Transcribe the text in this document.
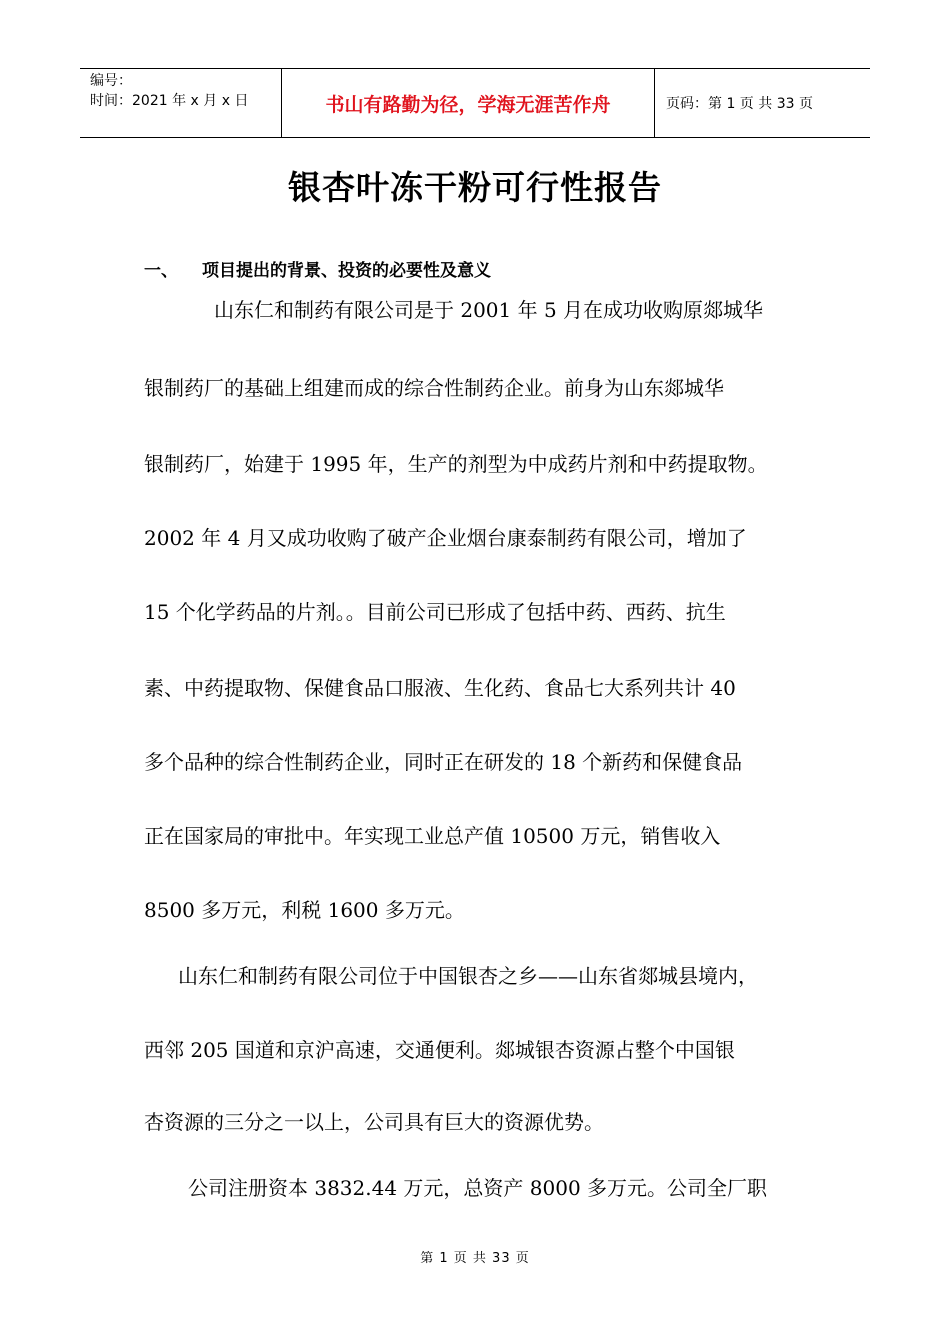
编号：
时间：2021 年 x 月 x 日	书山有路勤为径，学海无涯苦作舟	页码：第 1 页 共 33 页
银杏叶冻干粉可行性报告
一、 项目提出的背景、投资的必要性及意义
山东仁和制药有限公司是于 2001 年 5 月在成功收购原郯城华
银制药厂的基础上组建而成的综合性制药企业。前身为山东郯城华
银制药厂，始建于 1995 年，生产的剂型为中成药片剂和中药提取物。
2002 年 4 月又成功收购了破产企业烟台康泰制药有限公司，增加了
15 个化学药品的片剂。。目前公司已形成了包括中药、西药、抗生
素、中药提取物、保健食品口服液、生化药、食品七大系列共计 40
多个品种的综合性制药企业，同时正在研发的 18 个新药和保健食品
正在国家局的审批中。年实现工业总产值 10500 万元，销售收入
8500 多万元，利税 1600 多万元。
山东仁和制药有限公司位于中国银杏之乡——山东省郯城县境内，
西邻 205 国道和京沪高速，交通便利。郯城银杏资源占整个中国银
杏资源的三分之一以上，公司具有巨大的资源优势。
公司注册资本 3832.44 万元，总资产 8000 多万元。公司全厂职
第 1 页 共 33 页
